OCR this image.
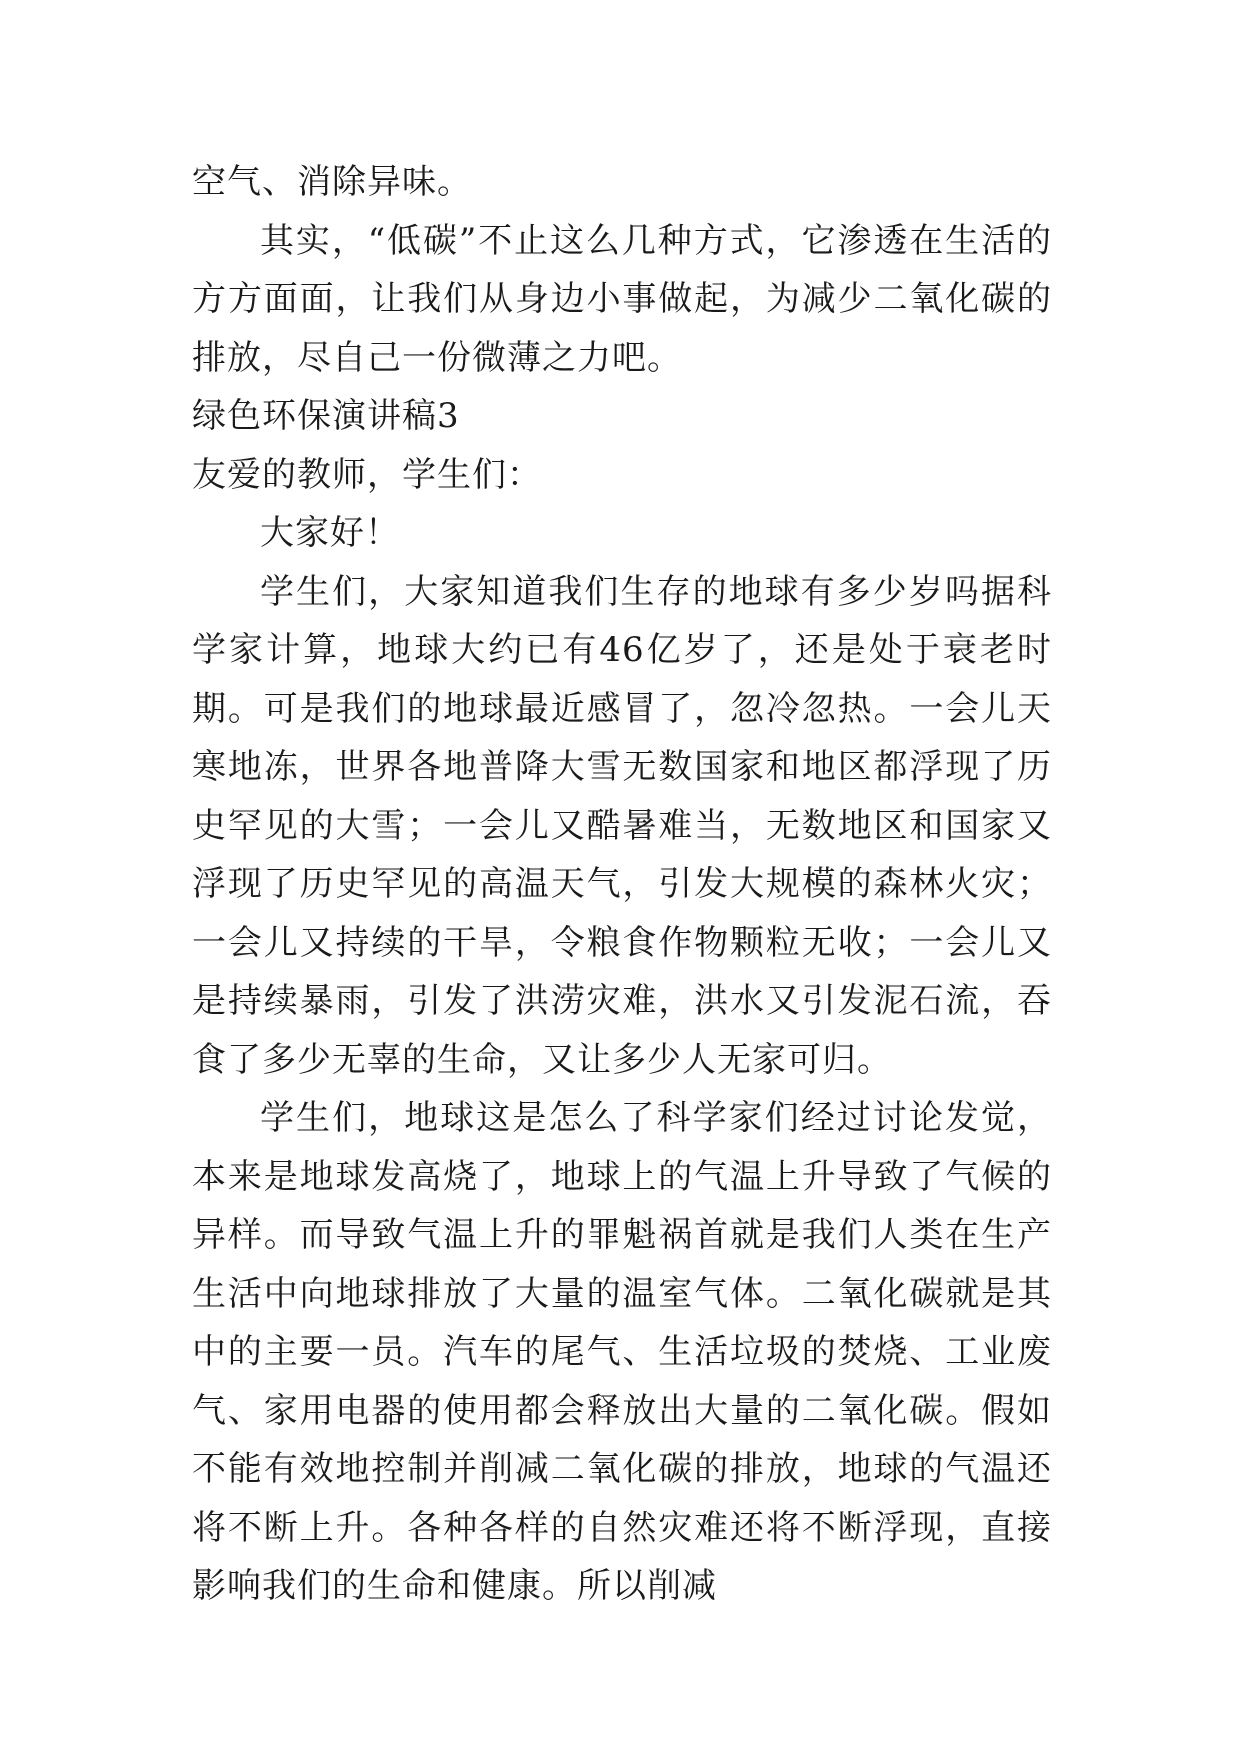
空气、消除异味。

其实，“低碳”不止这么几种方式，它渗透在生活的方方面面，让我们从身边小事做起，为减少二氧化碳的排放，尽自己一份微薄之力吧。

绿色环保演讲稿3

友爱的教师，学生们：

大家好！

学生们，大家知道我们生存的地球有多少岁吗据科学家计算，地球大约已有46亿岁了，还是处于衰老时期。可是我们的地球最近感冒了，忽冷忽热。一会儿天寒地冻，世界各地普降大雪无数国家和地区都浮现了历史罕见的大雪；一会儿又酷暑难当，无数地区和国家又浮现了历史罕见的高温天气，引发大规模的森林火灾；一会儿又持续的干旱，令粮食作物颗粒无收；一会儿又是持续暴雨，引发了洪涝灾难，洪水又引发泥石流，吞食了多少无辜的生命，又让多少人无家可归。

学生们，地球这是怎么了科学家们经过讨论发觉，本来是地球发高烧了，地球上的气温上升导致了气候的异样。而导致气温上升的罪魁祸首就是我们人类在生产生活中向地球排放了大量的温室气体。二氧化碳就是其中的主要一员。汽车的尾气、生活垃圾的焚烧、工业废气、家用电器的使用都会释放出大量的二氧化碳。假如不能有效地控制并削减二氧化碳的排放，地球的气温还将不断上升。各种各样的自然灾难还将不断浮现，直接影响我们的生命和健康。所以削减
